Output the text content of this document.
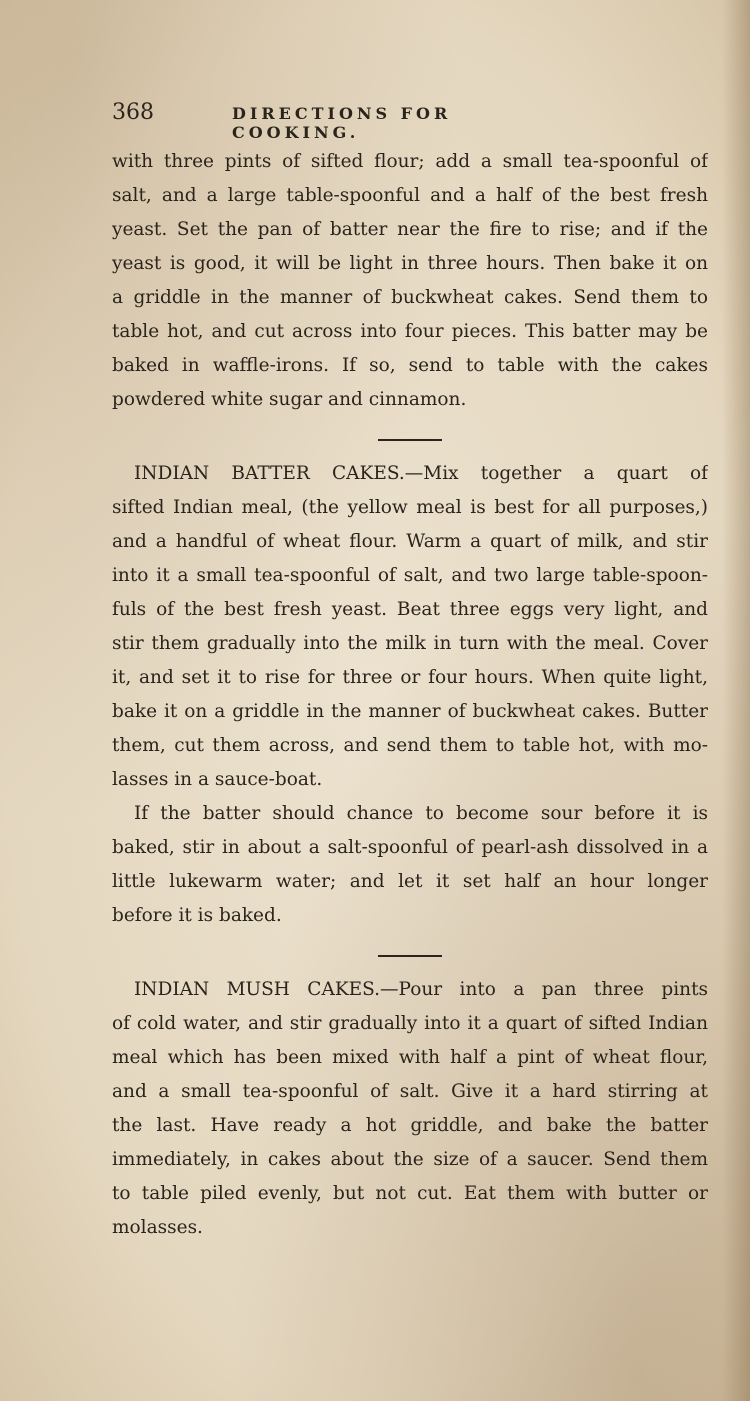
368	DIRECTIONS FOR COOKING.
with three pints of sifted flour; add a small tea-spoonful of
salt, and a large table-spoonful and a half of the best fresh
yeast. Set the pan of batter near the fire to rise; and if the
yeast is good, it will be light in three hours. Then bake it on
a griddle in the manner of buckwheat cakes. Send them to
table hot, and cut across into four pieces. This batter may be
baked in waffle-irons. If so, send to table with the cakes
powdered white sugar and cinnamon.
INDIAN BATTER CAKES.—Mix together a quart of
sifted Indian meal, (the yellow meal is best for all purposes,)
and a handful of wheat flour. Warm a quart of milk, and stir
into it a small tea-spoonful of salt, and two large table-spoon-
fuls of the best fresh yeast. Beat three eggs very light, and
stir them gradually into the milk in turn with the meal. Cover
it, and set it to rise for three or four hours. When quite light,
bake it on a griddle in the manner of buckwheat cakes. Butter
them, cut them across, and send them to table hot, with mo-
lasses in a sauce-boat.
If the batter should chance to become sour before it is
baked, stir in about a salt-spoonful of pearl-ash dissolved in a
little lukewarm water; and let it set half an hour longer
before it is baked.
INDIAN MUSH CAKES.—Pour into a pan three pints
of cold water, and stir gradually into it a quart of sifted Indian
meal which has been mixed with half a pint of wheat flour,
and a small tea-spoonful of salt. Give it a hard stirring at
the last. Have ready a hot griddle, and bake the batter
immediately, in cakes about the size of a saucer. Send them
to table piled evenly, but not cut. Eat them with butter or
molasses.
